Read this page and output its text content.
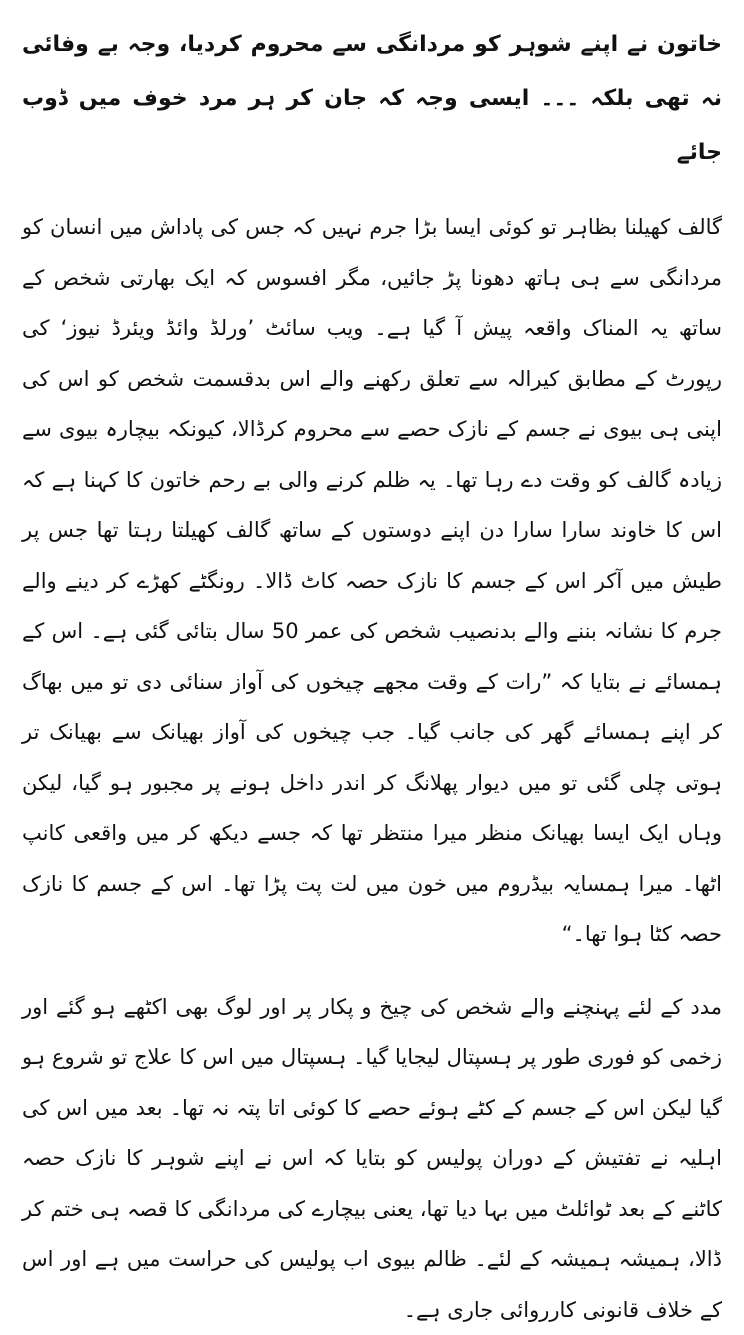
خاتون نے اپنے شوہر کو مردانگی سے محروم کردیا، وجہ بے وفائی نہ تھی بلکہ ۔۔۔ ایسی وجہ کہ جان کر ہر مرد خوف میں ڈوب جائے

گالف کھیلنا بظاہر تو کوئی ایسا بڑا جرم نہیں کہ جس کی پاداش میں انسان کو مردانگی سے ہی ہاتھ دھونا پڑ جائیں، مگر افسوس کہ ایک بھارتی شخص کے ساتھ یہ المناک واقعہ پیش آ گیا ہے۔ ویب سائٹ ’ورلڈ وائڈ ویئرڈ نیوز‘ کی رپورٹ کے مطابق کیرالہ سے تعلق رکھنے والے اس بدقسمت شخص کو اس کی اپنی ہی بیوی نے جسم کے نازک حصے سے محروم کرڈالا، کیونکہ بیچارہ بیوی سے زیادہ گالف کو وقت دے رہا تھا۔ یہ ظلم کرنے والی بے رحم خاتون کا کہنا ہے کہ اس کا خاوند سارا سارا دن اپنے دوستوں کے ساتھ گالف کھیلتا رہتا تھا جس پر طیش میں آکر اس کے جسم کا نازک حصہ کاٹ ڈالا۔ رونگٹے کھڑے کر دینے والے جرم کا نشانہ بننے والے بدنصیب شخص کی عمر 50 سال بتائی گئی ہے۔ اس کے ہمسائے نے بتایا کہ ”رات کے وقت مجھے چیخوں کی آواز سنائی دی تو میں بھاگ کر اپنے ہمسائے گھر کی جانب گیا۔ جب چیخوں کی آواز بھیانک سے بھیانک تر ہوتی چلی گئی تو میں دیوار پھلانگ کر اندر داخل ہونے پر مجبور ہو گیا، لیکن وہاں ایک ایسا بھیانک منظر میرا منتظر تھا کہ جسے دیکھ کر میں واقعی کانپ اٹھا۔ میرا ہمسایہ بیڈروم میں خون میں لت پت پڑا تھا۔ اس کے جسم کا نازک حصہ کٹا ہوا تھا۔“

مدد کے لئے پہنچنے والے شخص کی چیخ و پکار پر اور لوگ بھی اکٹھے ہو گئے اور زخمی کو فوری طور پر ہسپتال لیجایا گیا۔ ہسپتال میں اس کا علاج تو شروع ہو گیا لیکن اس کے جسم کے کٹے ہوئے حصے کا کوئی اتا پتہ نہ تھا۔ بعد میں اس کی اہلیہ نے تفتیش کے دوران پولیس کو بتایا کہ اس نے اپنے شوہر کا نازک حصہ کاٹنے کے بعد ٹوائلٹ میں بہا دیا تھا، یعنی بیچارے کی مردانگی کا قصہ ہی ختم کر ڈالا، ہمیشہ ہمیشہ کے لئے۔ ظالم بیوی اب پولیس کی حراست میں ہے اور اس کے خلاف قانونی کارروائی جاری ہے۔
